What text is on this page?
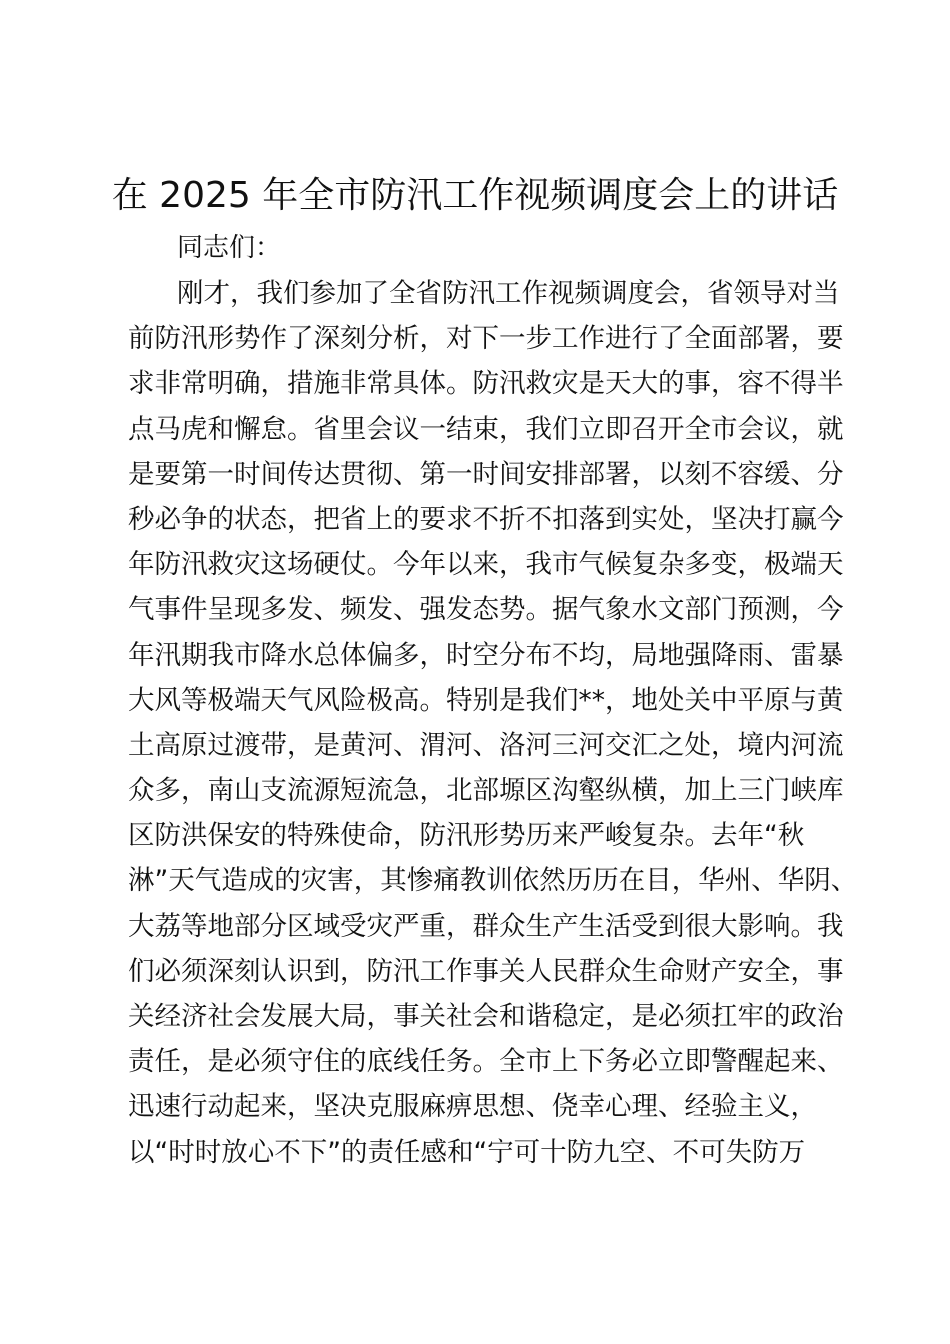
在 2025 年全市防汛工作视频调度会上的讲话
同志们：
刚才，我们参加了全省防汛工作视频调度会，省领导对当
前防汛形势作了深刻分析，对下一步工作进行了全面部署，要
求非常明确，措施非常具体。防汛救灾是天大的事，容不得半
点马虎和懈怠。省里会议一结束，我们立即召开全市会议，就
是要第一时间传达贯彻、第一时间安排部署，以刻不容缓、分
秒必争的状态，把省上的要求不折不扣落到实处，坚决打赢今
年防汛救灾这场硬仗。今年以来，我市气候复杂多变，极端天
气事件呈现多发、频发、强发态势。据气象水文部门预测，今
年汛期我市降水总体偏多，时空分布不均，局地强降雨、雷暴
大风等极端天气风险极高。特别是我们**，地处关中平原与黄
土高原过渡带，是黄河、渭河、洛河三河交汇之处，境内河流
众多，南山支流源短流急，北部塬区沟壑纵横，加上三门峡库
区防洪保安的特殊使命，防汛形势历来严峻复杂。去年“秋
淋”天气造成的灾害，其惨痛教训依然历历在目，华州、华阴、
大荔等地部分区域受灾严重，群众生产生活受到很大影响。我
们必须深刻认识到，防汛工作事关人民群众生命财产安全，事
关经济社会发展大局，事关社会和谐稳定，是必须扛牢的政治
责任，是必须守住的底线任务。全市上下务必立即警醒起来、
迅速行动起来，坚决克服麻痹思想、侥幸心理、经验主义，
以“时时放心不下”的责任感和“宁可十防九空、不可失防万
